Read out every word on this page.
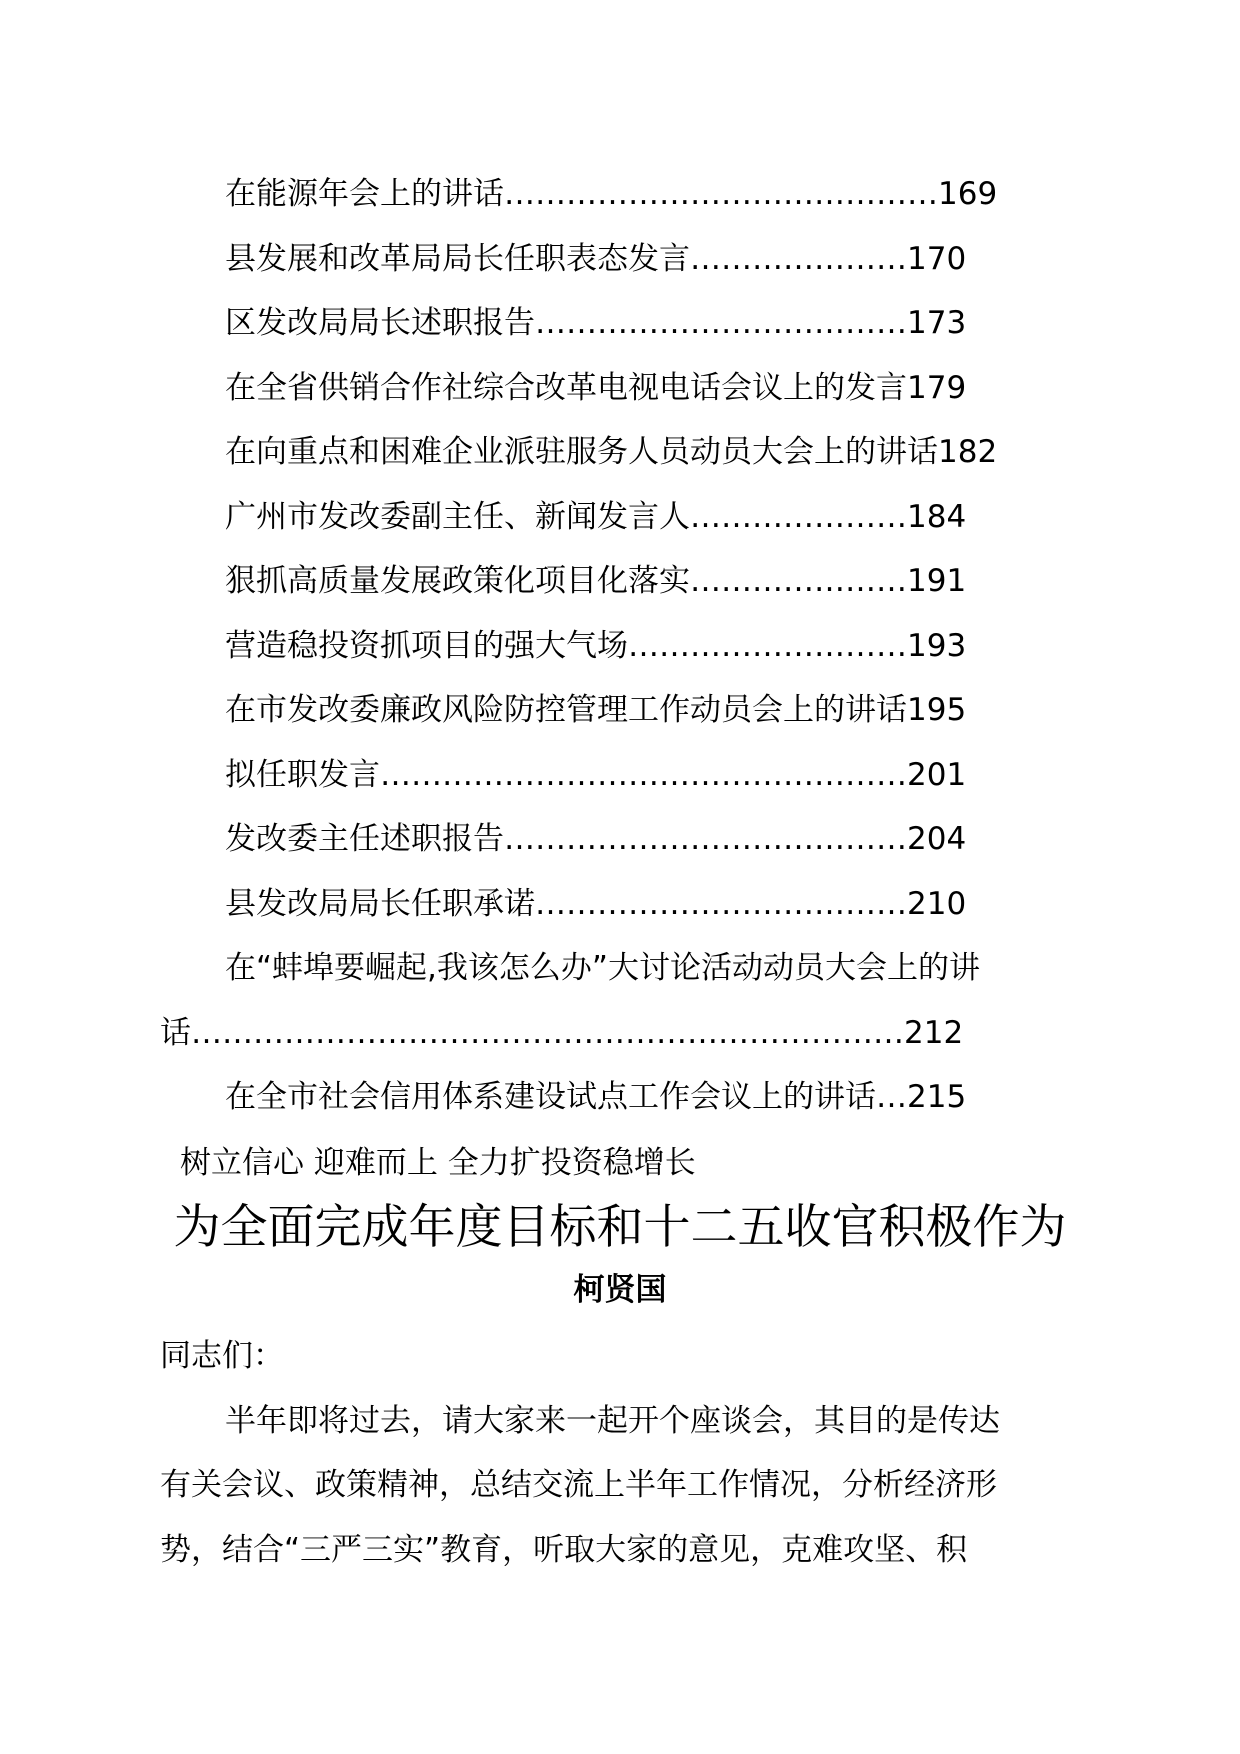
在能源年会上的讲话……………………………………169
县发展和改革局局长任职表态发言…………………170
区发改局局长述职报告………………………………173
在全省供销合作社综合改革电视电话会议上的发言179
在向重点和困难企业派驻服务人员动员大会上的讲话182
广州市发改委副主任、新闻发言人…………………184
狠抓高质量发展政策化项目化落实…………………191
营造稳投资抓项目的强大气场………………………193
在市发改委廉政风险防控管理工作动员会上的讲话195
拟任职发言……………………………………………201
发改委主任述职报告…………………………………204
县发改局局长任职承诺………………………………210
在“蚌埠要崛起,我该怎么办”大讨论活动动员大会上的讲
话……………………………………………………………212
在全市社会信用体系建设试点工作会议上的讲话…215
树立信心 迎难而上 全力扩投资稳增长
为全面完成年度目标和十二五收官积极作为
柯贤国
同志们：
半年即将过去，请大家来一起开个座谈会，其目的是传达
有关会议、政策精神，总结交流上半年工作情况，分析经济形
势，结合“三严三实”教育，听取大家的意见，克难攻坚、积
